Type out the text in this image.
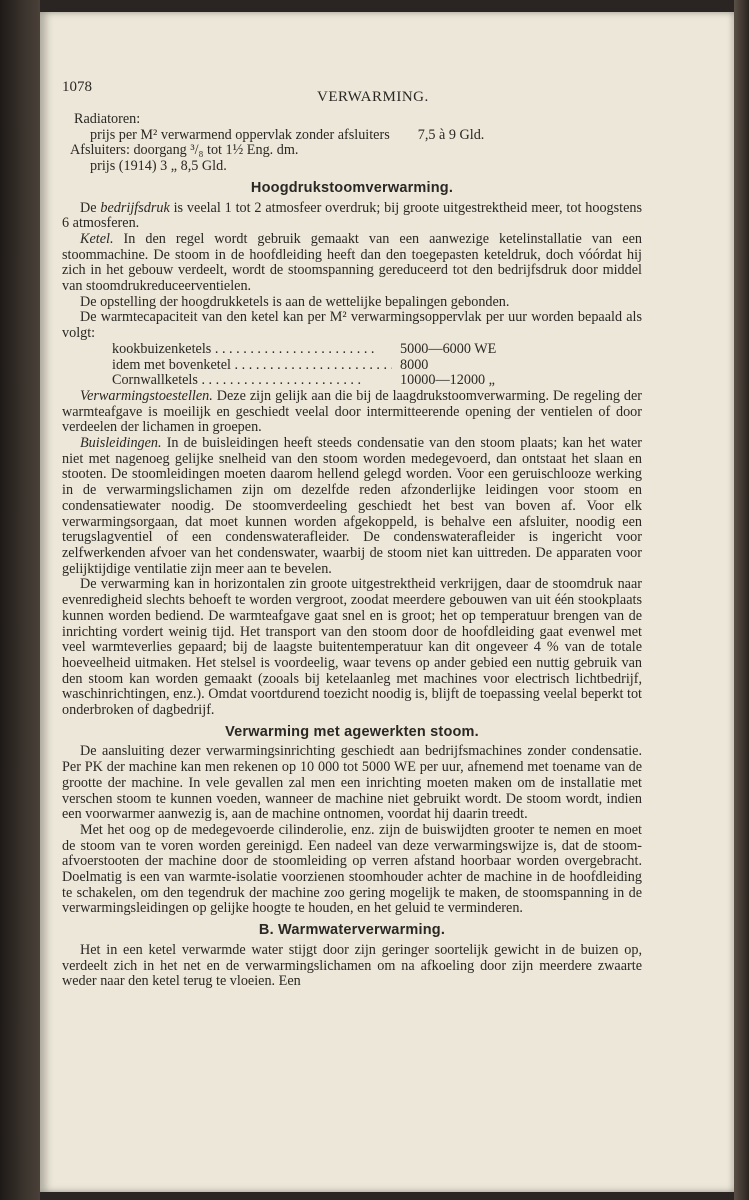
1078
VERWARMING.
Radiatoren:
prijs per M² verwarmend oppervlak zonder afsluiters 7,5 à 9 Gld.
Afsluiters: doorgang ³/₈ tot 1½ Eng. dm.
prijs (1914) 3 „ 8,5 Gld.
Hoogdrukstoomverwarming.

De bedrijfsdruk is veelal 1 tot 2 atmosfeer overdruk; bij groote uitgestrektheid meer, tot hoogstens 6 atmosferen.

Ketel. In den regel wordt gebruik gemaakt van een aanwezige ketelinstallatie van een stoommachine. De stoom in de hoofdleiding heeft dan den toegepasten keteldruk, doch vóórdat hij zich in het gebouw verdeelt, wordt de stoomspanning gereduceerd tot den bedrijfsdruk door middel van stoomdrukreduceerventielen.

De opstelling der hoogdrukketels is aan de wettelijke bepalingen gebonden.

De warmtecapaciteit van den ketel kan per M² verwarmingsoppervlak per uur worden bepaald als volgt:

kookbuizenketels . . .	5000—6000 WE
idem met bovenketel . . .	8000
Cornwallketels . . .	10000—12000 „

Verwarmingstoestellen. Deze zijn gelijk aan die bij de laagdrukstoomverwarming. De regeling der warmteafgave is moeilijk en geschiedt veelal door intermitteerende opening der ventielen of door verdeelen der lichamen in groepen.

Buisleidingen. In de buisleidingen heeft steeds condensatie van den stoom plaats; kan het water niet met nagenoeg gelijke snelheid van den stoom worden medegevoerd, dan ontstaat het slaan en stooten. De stoomleidingen moeten daarom hellend gelegd worden. Voor een geruischlooze werking in de verwarmingslichamen zijn om dezelfde reden afzonderlijke leidingen voor stoom en condensatiewater noodig. De stoomverdeeling geschiedt het best van boven af. Voor elk verwarmingsorgaan, dat moet kunnen worden afgekoppeld, is behalve een afsluiter, noodig een terugslagventiel of een condenswaterafleider. De condenswaterafleider is ingericht voor zelfwerkenden afvoer van het condenswater, waarbij de stoom niet kan uittreden. De apparaten voor gelijktijdige ventilatie zijn meer aan te bevelen.

De verwarming kan in horizontalen zin groote uitgestrektheid verkrijgen, daar de stoomdruk naar evenredigheid slechts behoeft te worden vergroot, zoodat meerdere gebouwen van uit één stookplaats kunnen worden bediend. De warmteafgave gaat snel en is groot; het op temperatuur brengen van de inrichting vordert weinig tijd. Het transport van den stoom door de hoofdleiding gaat evenwel met veel warmteverlies gepaard; bij de laagste buitentemperatuur kan dit ongeveer 4 % van de totale hoeveelheid uitmaken. Het stelsel is voordeelig, waar tevens op ander gebied een nuttig gebruik van den stoom kan worden gemaakt (zooals bij ketelaanleg met machines voor electrisch lichtbedrijf, waschinrichtingen, enz.). Omdat voortdurend toezicht noodig is, blijft de toepassing veelal beperkt tot onderbroken of dagbedrijf.

Verwarming met agewerkten stoom.

De aansluiting dezer verwarmingsinrichting geschiedt aan bedrijfsmachines zonder condensatie. Per PK der machine kan men rekenen op 10 000 tot 5000 WE per uur, afnemend met toename van de grootte der machine. In vele gevallen zal men een inrichting moeten maken om de installatie met verschen stoom te kunnen voeden, wanneer de machine niet gebruikt wordt. De stoom wordt, indien een voorwarmer aanwezig is, aan de machine ontnomen, voordat hij daarin treedt.

Met het oog op de medegevoerde cilinderolie, enz. zijn de buiswijdten grooter te nemen en moet de stoom van te voren worden gereinigd. Een nadeel van deze verwarmingswijze is, dat de stoom-afvoerstooten der machine door de stoomleiding op verren afstand hoorbaar worden overgebracht. Doelmatig is een van warmte-isolatie voorzienen stoomhouder achter de machine in de hoofdleiding te schakelen, om den tegendruk der machine zoo gering mogelijk te maken, de stoomspanning in de verwarmingsleidingen op gelijke hoogte te houden, en het geluid te verminderen.

B. Warmwaterverwarming.

Het in een ketel verwarmde water stijgt door zijn geringer soortelijk gewicht in de buizen op, verdeelt zich in het net en de verwarmingslichamen om na afkoeling door zijn meerdere zwaarte weder naar den ketel terug te vloeien. Een
